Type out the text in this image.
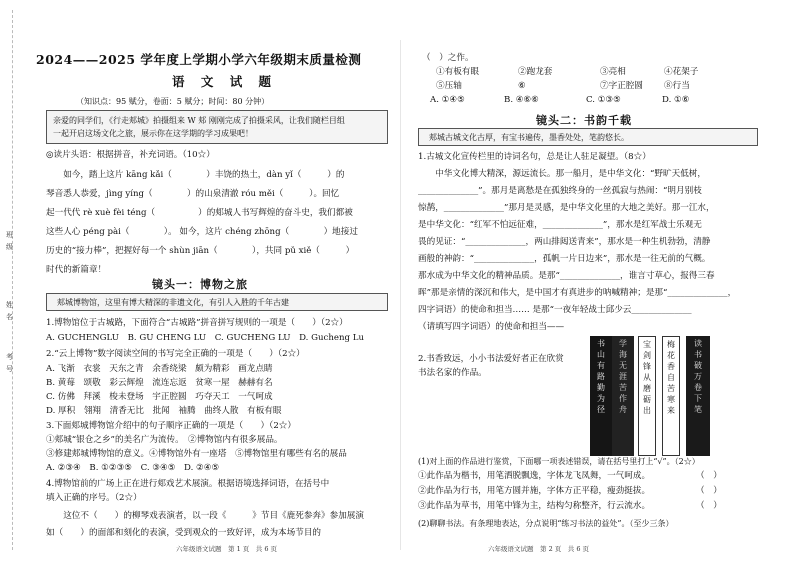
班
级
姓
名
考
号
2024——2025 学年度上学期小学六年级期末质量检测
语 文 试 题
（知识点：95 赋分，卷面：5 赋分；时间：80 分钟）
亲爱的同学们，《行走郏城》拍摄组来 W 郏 刚刚完成了拍摄采风，让我们随栏目组
一起开启这场文化之旅，展示你在这学期的学习成果吧！
◎读片头语：根据拼音，补充词语。（10☆）
　　如今，踏上这片 kāng kǎi（　　　　）丰饶的热土，dàn yǐ（　　　）的
琴音悉人恭爱，jìng yíng（　　　　）的山泉清澈 róu měi（　　　）。回忆
起一代代 rè xuè fèi téng（　　　　　）的郏城人书写辉煌的奋斗史，我们都被
这些人心 péng pài（　　　　）。 如今，这片 chéng zhōng（　　　　）地接过
历史的“接力棒”，把握好每一个 shùn jiān（　　　　），共同 pǔ xiě（　　　）
时代的新篇章！
镜头一：博物之旅
郏城博物馆，这里有博大精深的非遗文化，有引人入胜的千年古建
1.博物馆位于古城路，下面符合“古城路”拼音拼写规则的一项是（　　）（2☆）
A. GUCHENGLU　B. GU CHENG LU　C. GUCHENG LU　D. Gucheng Lu
2.“云上博物”数字阅读空间的书写完全正确的一项是（　　）（2☆）
A. 飞渐　衣裳　天东之青　余香绕梁　颇为精彩　画龙点睛
B. 黄莓　颂敬　彩云辉煌　流连忘返　贫寒一屋　赫赫有名
C. 仿佛　拜溪　梭未登场　宇正腔圆　巧夺天工　一气呵成
D. 厚积　翎翔　清香无比　批闻　袖腾　曲终人散　有板有眼
3.下面郏城博物馆介绍中的句子顺序正确的一项是（　　）（2☆）
①郏城“银仓之乡”的美名广为流传。　②博物馆内有很多展品。
③修建郏城博物馆的意义。④博物馆外有一座塔　⑤博物馆里有哪些有名的展品
A. ②③④　B. ①②③⑤　C. ③④⑤　D. ②④⑤
4.博物馆前的广场上正在进行郏戏艺术展演。根据语境选择词语，在括号中
填入正确的序号。（2☆）
　　这位不（　　）的柳琴戏表演者，以一段《　　　》节目《鹿死参奔》参加展演
如（　　）的面部和刻化的表演，受到观众的一致好评，成为本场节目的
六年级语文试题　第 1 页　共 6 页
（　）之作。
①有板有眼	②跑龙套	③亮相	④花架子
⑤压轴	⑥　　	⑦字正腔圆 ⑧行当
A. ①④⑤	B. ④⑥⑥	C. ①③⑤	D. ①⑥
镜头二：书韵千载
郏城古城文化古厚，有宝书遍传，墨香处处，笔韵悠长。
1.古城文化宣传栏里的诗词名句，总是让人驻足凝望。（8☆）
　　中华文化博大精深，源远流长。那一船月，是中华文化：“野旷天低树，
______________”。那月是离愁是在孤独终身的一丝孤寂与热闹：“明月别枝
惊鹊，______________”那月是灵感，是中华文化里的大地之美好。那一江水，
是中华文化：“红军不怕远征难，______________”，那水是红军战士乐观无
畏的见证：“______________，两山排闼送青来”，那水是一种生机勃勃，清静
画般的神韵：“______________，孤帆一片日边来”，那水是一往无前的气概。
那水成为中华文化的精神品质。是那“______________，谁言寸草心，报得三春
晖”那是亲情的深沉和伟大，是中国才有真进步的呐喊精神；是那“______________，
四字词语）的使命和担当…… 是那“一夜年轻战士邱少云______________
（请填写四字词语）的使命和担当——
2.书香致远，小小书法爱好者正在欣赏
书法名家的作品。
书
山
有
路
勤
为
径
学
海
无
涯
苦
作
舟
宝
剑
锋
从
磨
砺
出
梅
花
香
自
苦
寒
来
读
书
破
万
卷
下
笔
(1)对上面的作品进行鉴赏，下面哪一项表述错误，请在括号里打上“√”。（2☆）
①此作品为楷书，用笔洒脱飘逸，字体龙飞凤舞，一气呵成。	（　）
②此作品为行书，用笔方圆并施，字体方正平稳，瘦劲挺拔。	（　）
③此作品为草书，用笔中锋为主，结构匀称整齐，行云流水。	（　）
(2)聊聊书法。有条理地表达，分点说明“练习书法的益处”。（至少三条）
六年级语文试题　第 2 页　共 6 页
